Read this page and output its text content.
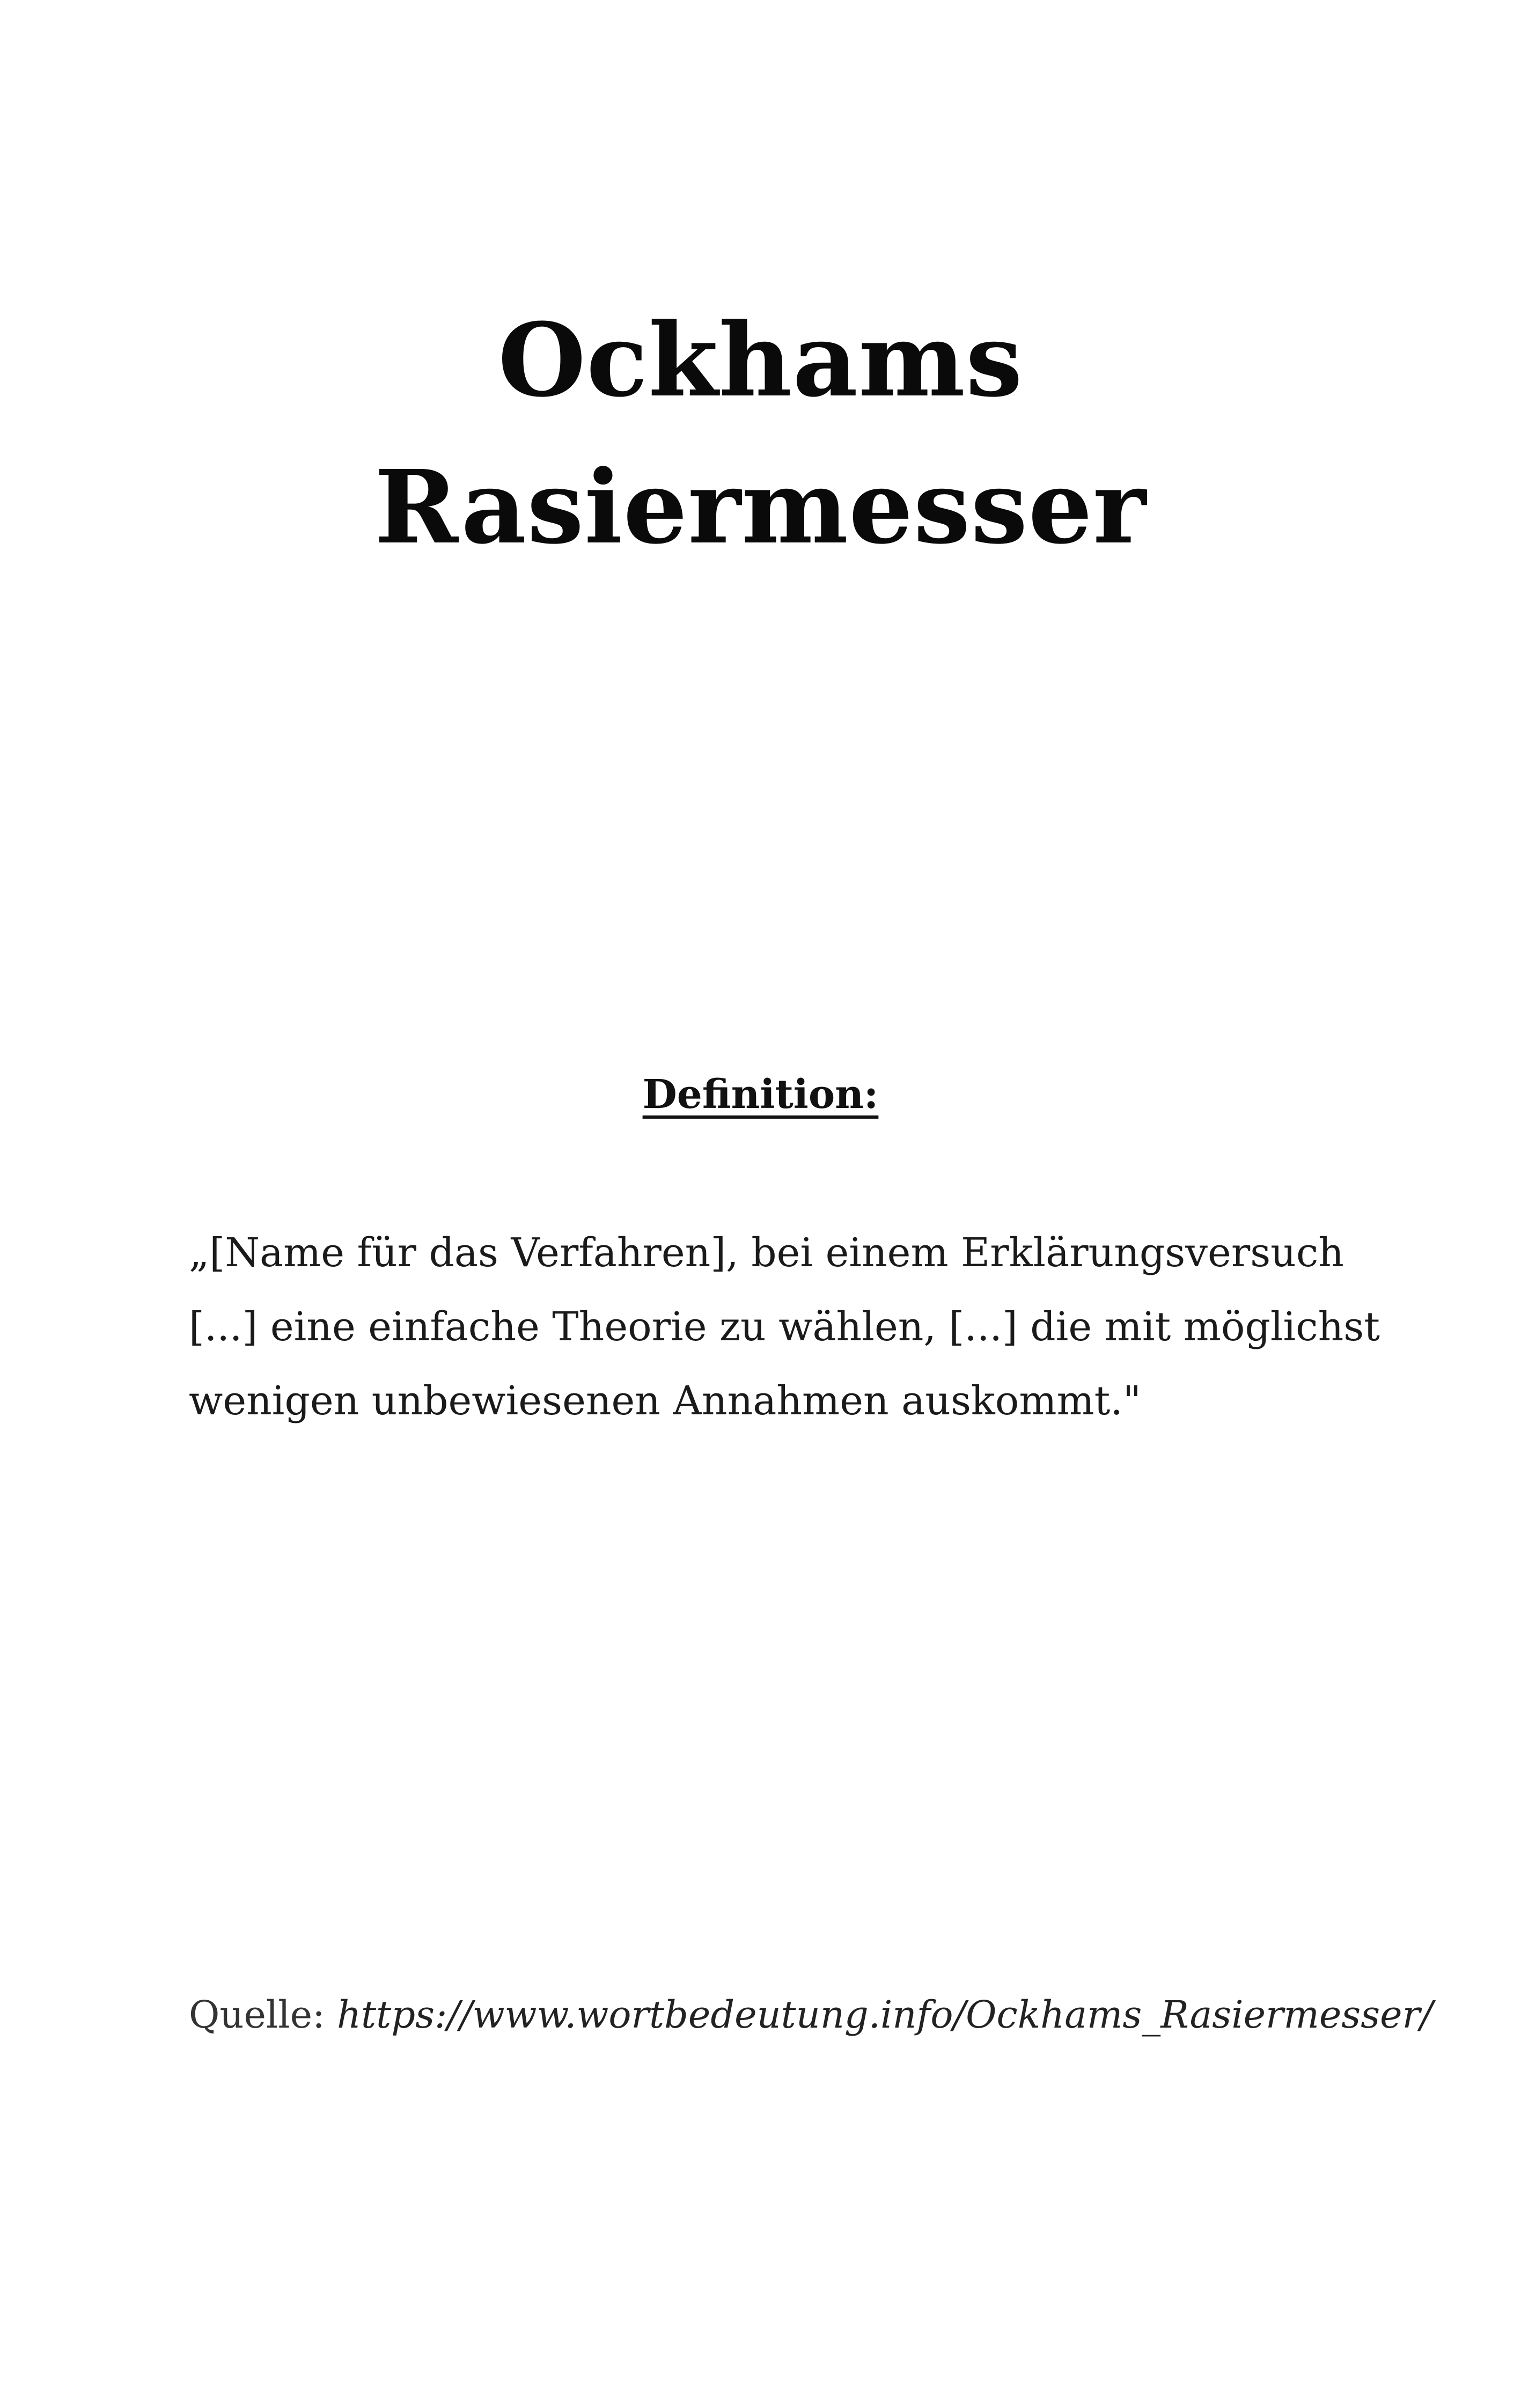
Ockhams
Rasiermesser
Definition:
„[Name für das Verfahren], bei einem Erklärungsversuch
[...] eine einfache Theorie zu wählen, [...] die mit möglichst
wenigen unbewiesenen Annahmen auskommt."
Quelle: https://www.wortbedeutung.info/Ockhams_Rasiermesser/
